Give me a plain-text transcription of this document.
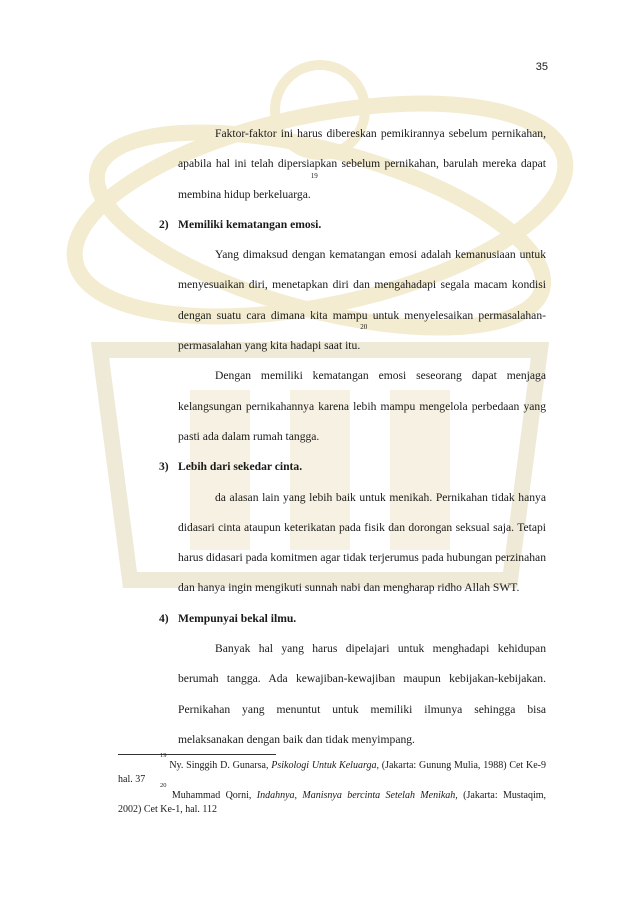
35

Faktor-faktor ini harus dibereskan pemikirannya sebelum pernikahan, apabila hal ini telah dipersiapkan sebelum pernikahan, barulah mereka dapat membina hidup berkeluarga.$^{19}$

2) Memiliki kematangan emosi.

Yang dimaksud dengan kematangan emosi adalah kemanusiaan untuk menyesuaikan diri, menetapkan diri dan mengahadapi segala macam kondisi dengan suatu cara dimana kita mampu untuk menyelesaikan permasalahan-permasalahan yang kita hadapi saat itu.$^{20}$

Dengan memiliki kematangan emosi seseorang dapat menjaga kelangsungan pernikahannya karena lebih mampu mengelola perbedaan yang pasti ada dalam rumah tangga.

3) Lebih dari sekedar cinta.

da alasan lain yang lebih baik untuk menikah. Pernikahan tidak hanya didasari cinta ataupun keterikatan pada fisik dan dorongan seksual saja. Tetapi harus didasari pada komitmen agar tidak terjerumus pada hubungan perzinahan dan hanya ingin mengikuti sunnah nabi dan mengharap ridho Allah SWT.

4) Mempunyai bekal ilmu.

Banyak hal yang harus dipelajari untuk menghadapi kehidupan berumah tangga. Ada kewajiban-kewajiban maupun kebijakan-kebijakan. Pernikahan yang menuntut untuk memiliki ilmunya sehingga bisa melaksanakan dengan baik dan tidak menyimpang.

$^{19}$ Ny. Singgih D. Gunarsa, Psikologi Untuk Keluarga, (Jakarta: Gunung Mulia, 1988) Cet Ke-9 hal. 37

$^{20}$ Muhammad Qorni, Indahnya, Manisnya bercinta Setelah Menikah, (Jakarta: Mustaqim, 2002) Cet Ke-1, hal. 112
